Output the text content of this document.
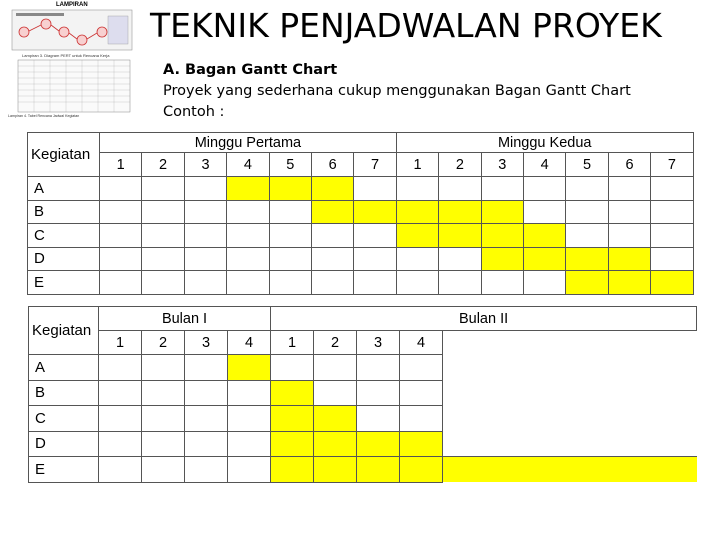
LAMPIRAN
Lampiran 3. Diagram PERT untuk Rencana Kerja
Lampiran 4. Tabel Rencana Jadwal Kegiatan
TEKNIK PENJADWALAN PROYEK
A. Bagan Gantt Chart
Proyek yang sederhana cukup menggunakan Bagan Gantt Chart
Contoh :
Kegiatan	Minggu Pertama							Minggu Kedua						
	1	2	3	4	5	6	7	1	2	3	4	5	6	7
A														
B														
C														
D														
E														
Kegiatan	Bulan I				Bulan II				
	1	2	3	4	1	2	3	4	
A									
B									
C									
D									
E									
